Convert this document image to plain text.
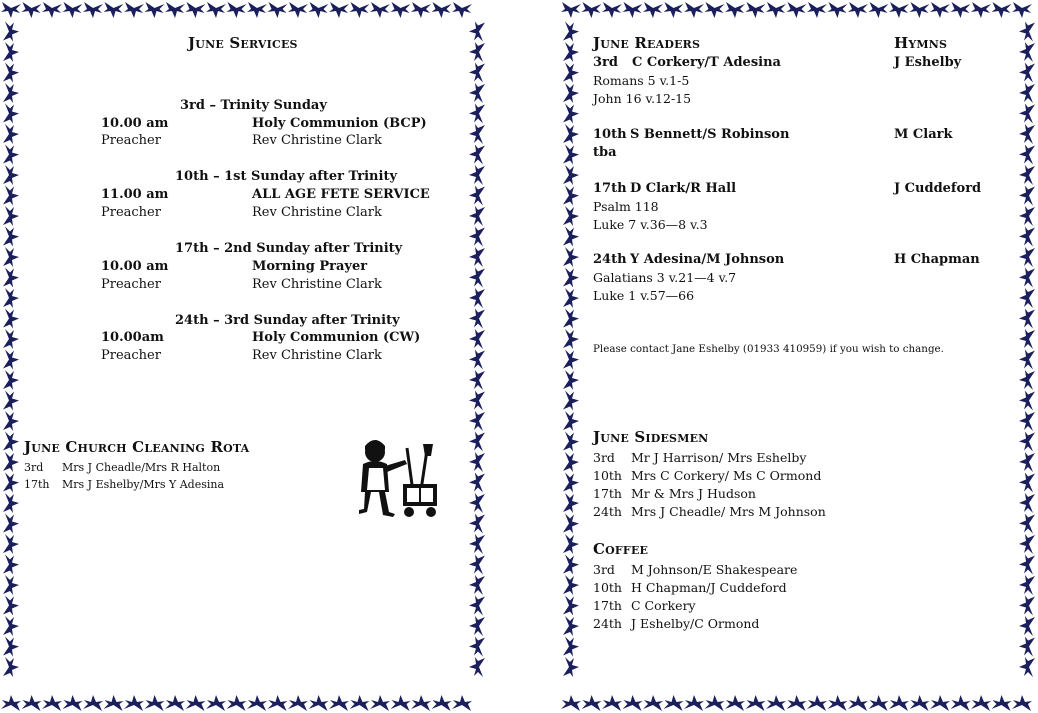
June Services
3rd – Trinity Sunday
10.00 am	Holy Communion (BCP)
Preacher	Rev Christine Clark
10th – 1st Sunday after Trinity
11.00 am	ALL AGE FETE SERVICE
Preacher	Rev Christine Clark
17th – 2nd Sunday after Trinity
10.00 am	Morning Prayer
Preacher	Rev Christine Clark
24th – 3rd Sunday after Trinity
10.00am	Holy Communion (CW)
Preacher	Rev Christine Clark
June Church Cleaning Rota
3rd Mrs J Cheadle/Mrs R Halton
17th Mrs J Eshelby/Mrs Y Adesina
June Readers	Hymns
3rd C Corkery/T Adesina	J Eshelby
Romans 5 v.1-5
John 16 v.12-15
10th S Bennett/S Robinson	M Clark
tba
17th D Clark/R Hall	J Cuddeford
Psalm 118
Luke 7 v.36—8 v.3
24th Y Adesina/M Johnson	H Chapman
Galatians 3 v.21—4 v.7
Luke 1 v.57—66
Please contact Jane Eshelby (01933 410959) if you wish to change.
June Sidesmen
3rd Mr J Harrison/ Mrs Eshelby
10th Mrs C Corkery/ Ms C Ormond
17th Mr & Mrs J Hudson
24th Mrs J Cheadle/ Mrs M Johnson
Coffee
3rd M Johnson/E Shakespeare
10th H Chapman/J Cuddeford
17th C Corkery
24th J Eshelby/C Ormond
